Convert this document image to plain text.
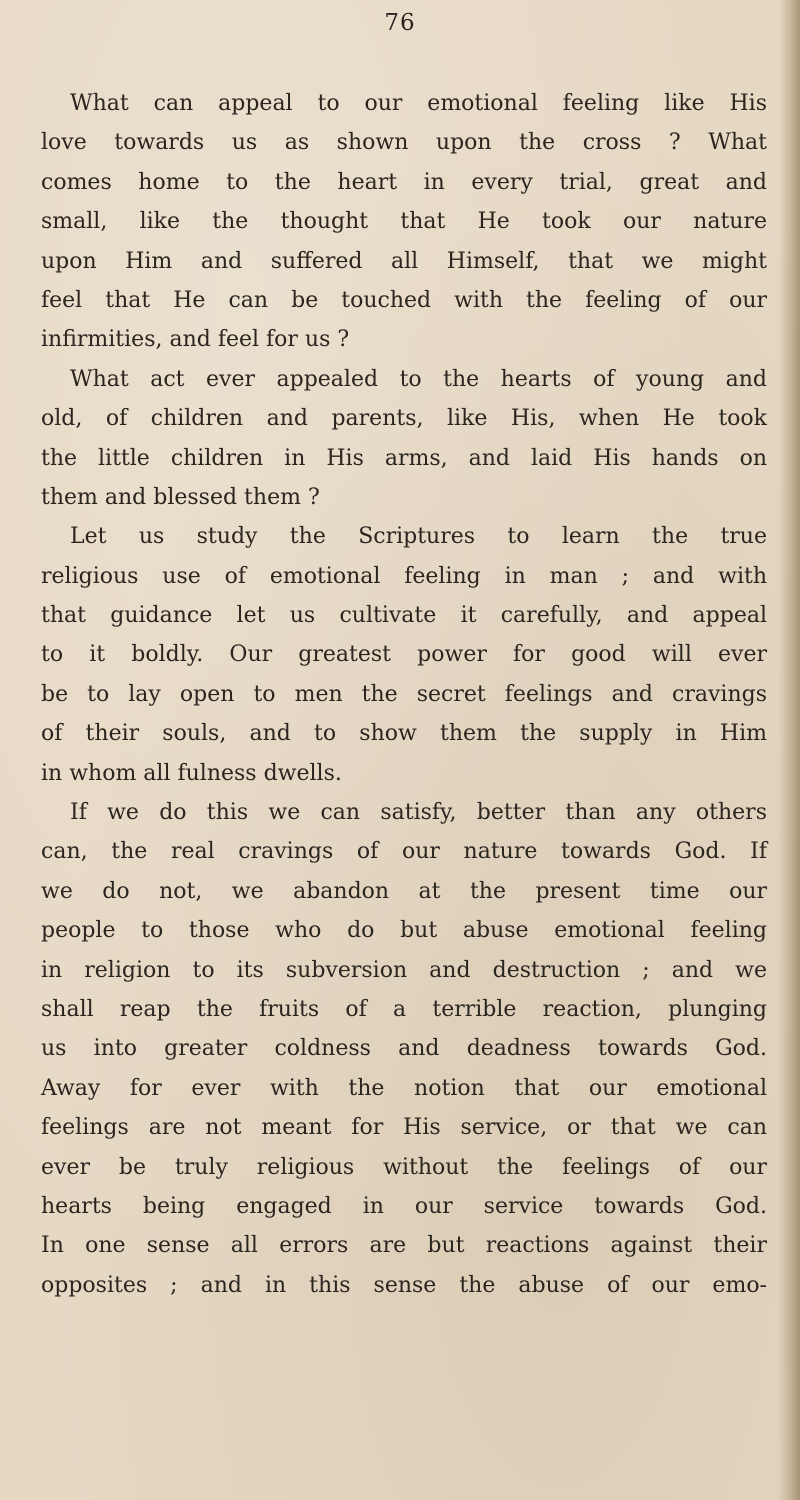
76
What can appeal to our emotional feeling like His
love towards us as shown upon the cross ? What
comes home to the heart in every trial, great and
small, like the thought that He took our nature
upon Him and suffered all Himself, that we might
feel that He can be touched with the feeling of our
infirmities, and feel for us ?
What act ever appealed to the hearts of young and
old, of children and parents, like His, when He took
the little children in His arms, and laid His hands on
them and blessed them ?
Let us study the Scriptures to learn the true
religious use of emotional feeling in man ; and with
that guidance let us cultivate it carefully, and appeal
to it boldly. Our greatest power for good will ever
be to lay open to men the secret feelings and cravings
of their souls, and to show them the supply in Him
in whom all fulness dwells.
If we do this we can satisfy, better than any others
can, the real cravings of our nature towards God. If
we do not, we abandon at the present time our
people to those who do but abuse emotional feeling
in religion to its subversion and destruction ; and we
shall reap the fruits of a terrible reaction, plunging
us into greater coldness and deadness towards God.
Away for ever with the notion that our emotional
feelings are not meant for His service, or that we can
ever be truly religious without the feelings of our
hearts being engaged in our service towards God.
In one sense all errors are but reactions against their
opposites ; and in this sense the abuse of our emo-
